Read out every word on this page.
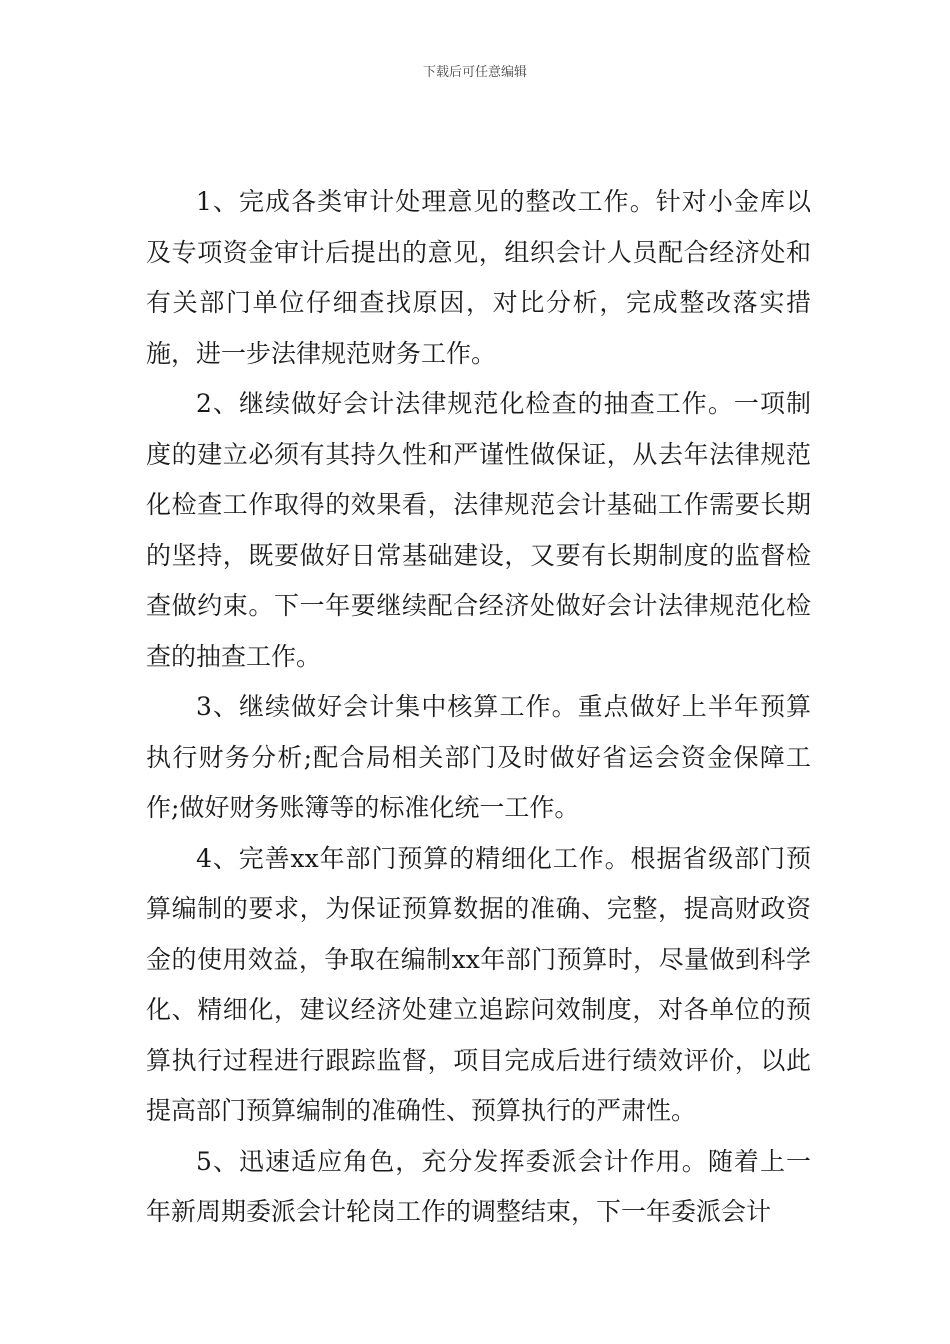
下载后可任意编辑

1、完成各类审计处理意见的整改工作。针对小金库以及专项资金审计后提出的意见，组织会计人员配合经济处和有关部门单位仔细查找原因，对比分析，完成整改落实措施，进一步法律规范财务工作。

2、继续做好会计法律规范化检查的抽查工作。一项制度的建立必须有其持久性和严谨性做保证，从去年法律规范化检查工作取得的效果看，法律规范会计基础工作需要长期的坚持，既要做好日常基础建设，又要有长期制度的监督检查做约束。下一年要继续配合经济处做好会计法律规范化检查的抽查工作。

3、继续做好会计集中核算工作。重点做好上半年预算执行财务分析;配合局相关部门及时做好省运会资金保障工作;做好财务账簿等的标准化统一工作。

4、完善xx年部门预算的精细化工作。根据省级部门预算编制的要求，为保证预算数据的准确、完整，提高财政资金的使用效益，争取在编制xx年部门预算时，尽量做到科学化、精细化，建议经济处建立追踪问效制度，对各单位的预算执行过程进行跟踪监督，项目完成后进行绩效评价，以此提高部门预算编制的准确性、预算执行的严肃性。

5、迅速适应角色，充分发挥委派会计作用。随着上一年新周期委派会计轮岗工作的调整结束，下一年委派会计
